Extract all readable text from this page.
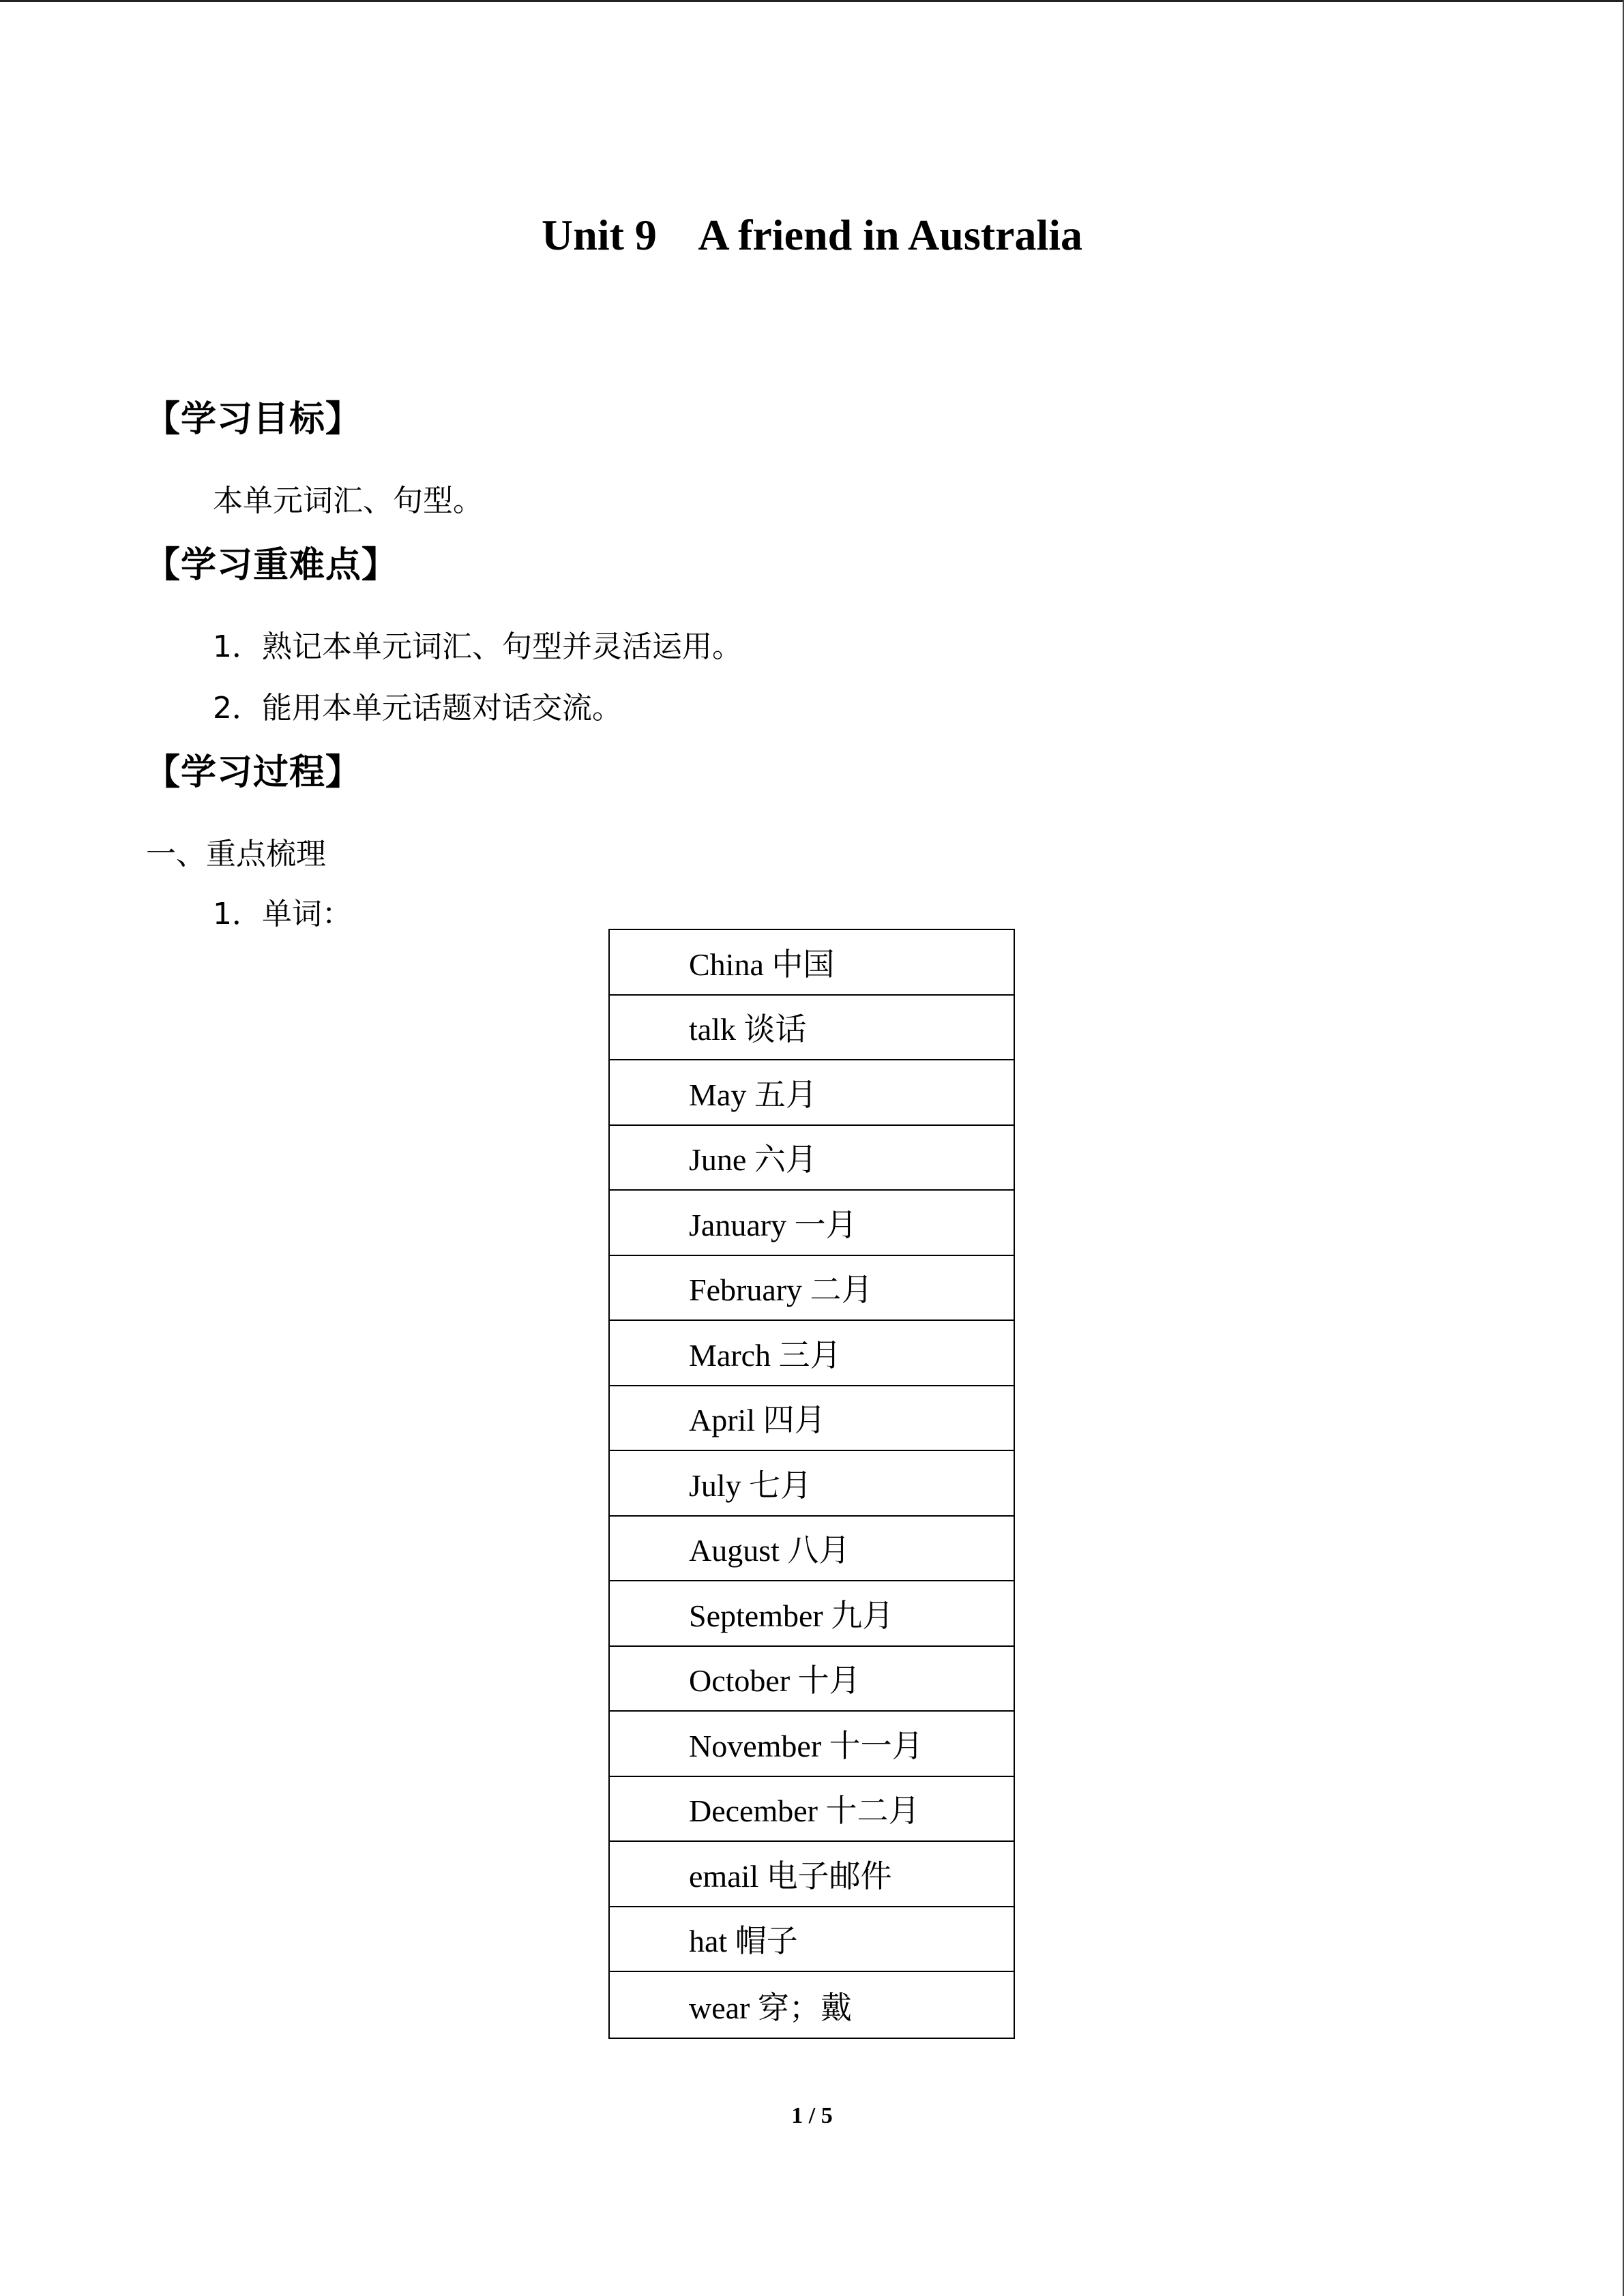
Unit 9    A friend in Australia
【学习目标】
本单元词汇、句型。
【学习重难点】
1．熟记本单元词汇、句型并灵活运用。
2．能用本单元话题对话交流。
【学习过程】
一、重点梳理
1．单词：
China 中国
talk 谈话
May 五月
June 六月
January 一月
February 二月
March 三月
April 四月
July 七月
August 八月
September 九月
October 十月
November 十一月
December 十二月
email 电子邮件
hat 帽子
wear 穿；戴
1 / 5
